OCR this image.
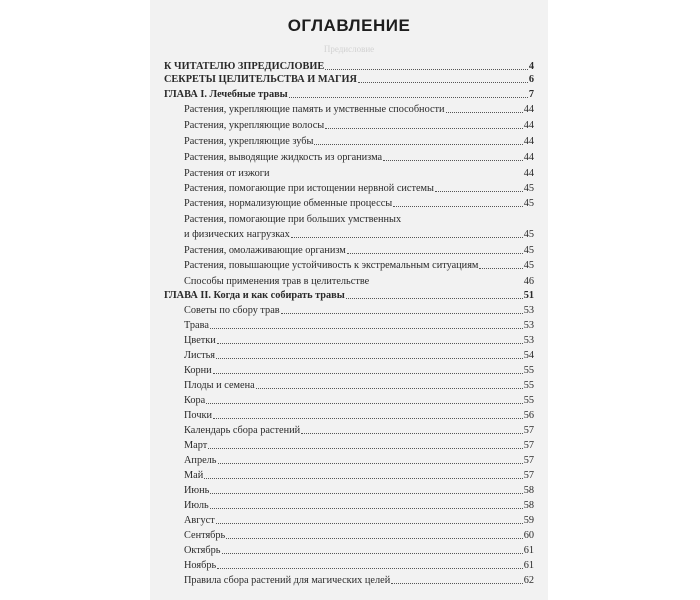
ОГЛАВЛЕНИЕ
Предисловие
К ЧИТАТЕЛЮ ЗПРЕДИСЛОВИЕ	4
СЕКРЕТЫ ЦЕЛИТЕЛЬСТВА И МАГИЯ	6
ГЛАВА I. Лечебные травы	7
Растения, укрепляющие память и умственные способности	44
Растения, укрепляющие волосы	44
Растения, укрепляющие зубы	44
Растения, выводящие жидкость из организма	44
Растения от изжоги	44
Растения, помогающие при истощении нервной системы	45
Растения, нормализующие обменные процессы	45
Растения, помогающие при больших умственных
и физических нагрузках	45
Растения, омолаживающие организм	45
Растения, повышающие устойчивость к экстремальным ситуациям	45
Способы применения трав в целительстве	46
ГЛАВА II. Когда и как собирать травы	51
Советы по сбору трав	53
Трава	53
Цветки	53
Листья	54
Корни	55
Плоды и семена	55
Кора	55
Почки	56
Календарь сбора растений	57
Март	57
Апрель	57
Май	57
Июнь	58
Июль	58
Август	59
Сентябрь	60
Октябрь	61
Ноябрь	61
Правила сбора растений для магических целей	62
